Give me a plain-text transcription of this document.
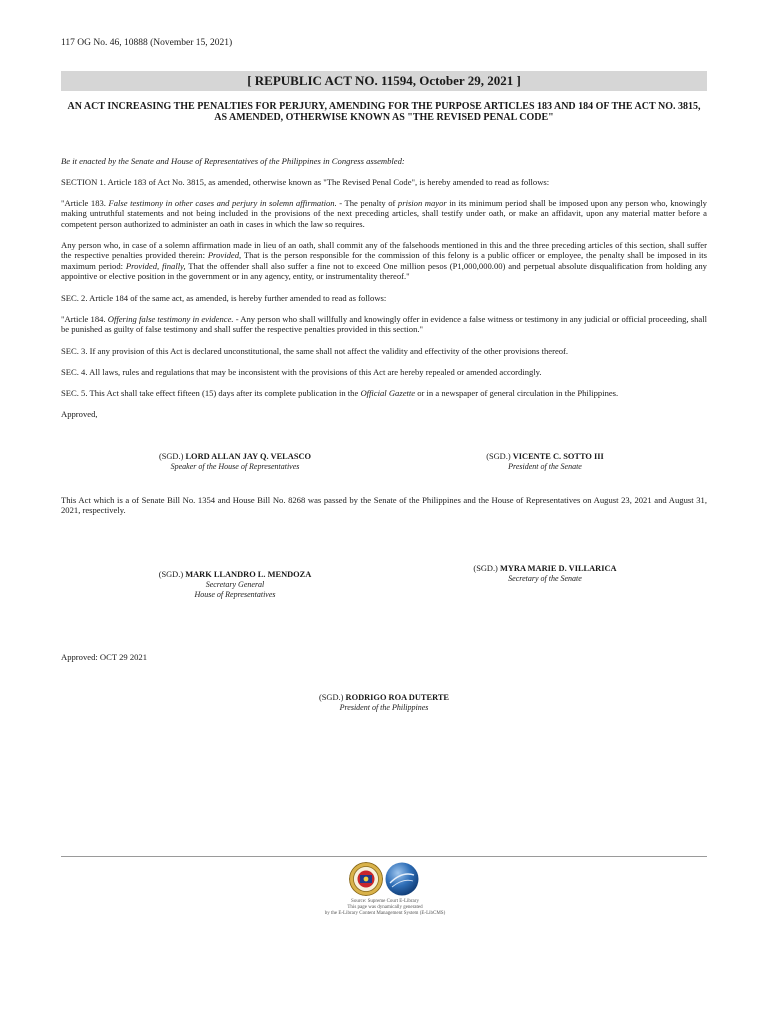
117 OG No. 46, 10888 (November 15, 2021)
[ REPUBLIC ACT NO. 11594, October 29, 2021 ]
AN ACT INCREASING THE PENALTIES FOR PERJURY, AMENDING FOR THE PURPOSE ARTICLES 183 AND 184 OF THE ACT NO. 3815, AS AMENDED, OTHERWISE KNOWN AS "THE REVISED PENAL CODE"

Be it enacted by the Senate and House of Representatives of the Philippines in Congress assembled:

SECTION 1. Article 183 of Act No. 3815, as amended, otherwise known as "The Revised Penal Code", is hereby amended to read as follows:

"Article 183. False testimony in other cases and perjury in solemn affirmation. - The penalty of prision mayor in its minimum period shall be imposed upon any person who, knowingly making untruthful statements and not being included in the provisions of the next preceding articles, shall testify under oath, or make an affidavit, upon any material matter before a competent person authorized to administer an oath in cases in which the law so requires.

Any person who, in case of a solemn affirmation made in lieu of an oath, shall commit any of the falsehoods mentioned in this and the three preceding articles of this section, shall suffer the respective penalties provided therein: Provided, That is the person responsible for the commission of this felony is a public officer or employee, the penalty shall be imposed in its maximum period: Provided, finally, That the offender shall also suffer a fine not to exceed One million pesos (P1,000,000.00) and perpetual absolute disqualification from holding any appointive or elective position in the government or in any agency, entity, or instrumentality thereof."

SEC. 2. Article 184 of the same act, as amended, is hereby further amended to read as follows:

"Article 184. Offering false testimony in evidence. - Any person who shall willfully and knowingly offer in evidence a false witness or testimony in any judicial or official proceeding, shall be punished as guilty of false testimony and shall suffer the respective penalties provided in this section."

SEC. 3. If any provision of this Act is declared unconstitutional, the same shall not affect the validity and effectivity of the other provisions thereof.

SEC. 4. All laws, rules and regulations that may be inconsistent with the provisions of this Act are hereby repealed or amended accordingly.

SEC. 5. This Act shall take effect fifteen (15) days after its complete publication in the Official Gazette or in a newspaper of general circulation in the Philippines.

Approved,

(SGD.) LORD ALLAN JAY Q. VELASCO
Speaker of the House of Representatives
(SGD.) VICENTE C. SOTTO III
President of the Senate

This Act which is a of Senate Bill No. 1354 and House Bill No. 8268 was passed by the Senate of the Philippines and the House of Representatives on August 23, 2021 and August 31, 2021, respectively.

(SGD.) MARK LLANDRO L. MENDOZA
Secretary General
House of Representatives
(SGD.) MYRA MARIE D. VILLARICA
Secretary of the Senate

Approved: OCT 29 2021

(SGD.) RODRIGO ROA DUTERTE
President of the Philippines
Source: Supreme Court E-Library
This page was dynamically generated
by the E-Library Content Management System (E-LibCMS)
